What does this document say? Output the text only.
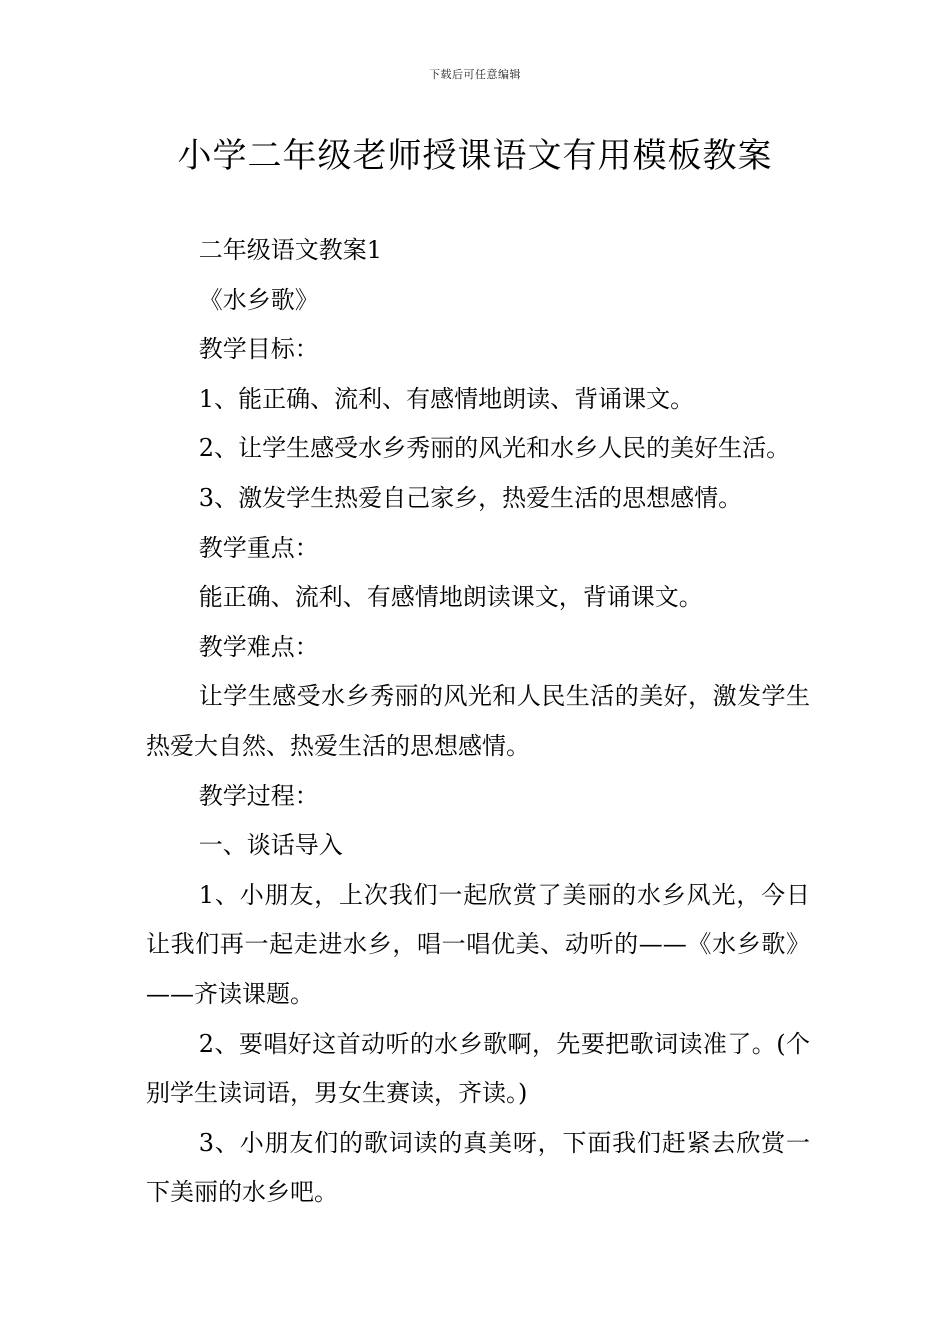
下载后可任意编辑
小学二年级老师授课语文有用模板教案

二年级语文教案1

《水乡歌》

教学目标：

1、能正确、流利、有感情地朗读、背诵课文。

2、让学生感受水乡秀丽的风光和水乡人民的美好生活。

3、激发学生热爱自己家乡，热爱生活的思想感情。

教学重点：

能正确、流利、有感情地朗读课文，背诵课文。

教学难点：

让学生感受水乡秀丽的风光和人民生活的美好，激发学生热爱大自然、热爱生活的思想感情。

教学过程：

一、谈话导入

1、小朋友，上次我们一起欣赏了美丽的水乡风光，今日让我们再一起走进水乡，唱一唱优美、动听的——《水乡歌》——齐读课题。

2、要唱好这首动听的水乡歌啊，先要把歌词读准了。(个别学生读词语，男女生赛读，齐读。)

3、小朋友们的歌词读的真美呀，下面我们赶紧去欣赏一下美丽的水乡吧。
